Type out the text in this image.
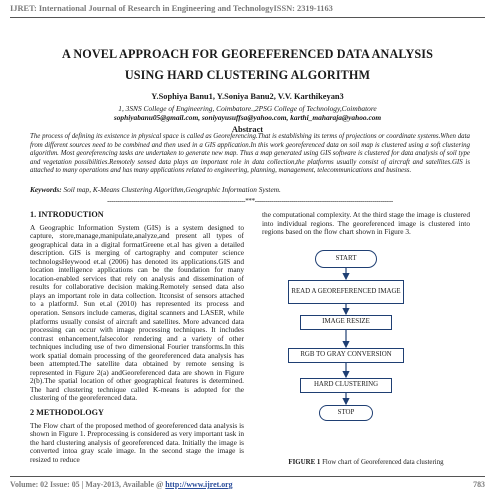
IJRET: International Journal of Research in Engineering and TechnologyISSN: 2319-1163
A NOVEL APPROACH FOR GEOREFERENCED DATA ANALYSIS
USING HARD CLUSTERING ALGORITHM
Y.Sophiya Banu1, Y.Soniya Banu2, V.V. Karthikeyan3
1, 3SNS College of Engineering, Coimbatore.,2PSG College of Technology,Coimbatore
sophiyabanu05@gmail.com, soniyayusuffsa@yahoo.com, karthi_maharaja@yahoo.com
Abstract
The process of defining its existence in physical space is called as Georeferencing.That is establishing its terms of projections or coordinate systems.When data from different sources need to be combined and then used in a GIS application.In this work georeferenced data on soil map is clustered using a soft clustering algorithm. Most georeferencing tasks are undertaken to generate new map. Thus a map generated using GIS software is clustered for data analysis of soil type and vegetation possibilities.Remotely sensed data plays an important role in data collection,the platforms usually consist of aircraft and satellites.GIS is attached to many operations and has many applications related to engineering, planning, management, telecommunications and business.
Keywords: Soil map, K-Means Clustering Algorithm,Geographic Information System.
--------------------------------------------------------------------***--------------------------------------------------------------------
1. INTRODUCTION
A Geographic Information System (GIS) is a system designed to capture, store,manage,manipulate,analyze,and present all types of geographical data in a digital formatGreene et.al has given a detailed description. GIS is merging of cartography and computer science technologsHeywood et.al (2006) has denoted its applications.GIS and location intelligence applications can be the foundation for many location-enabled services that rely on analysis and dissemination of results for collaborative decision making.Remotely sensed data also plays an important role in data collection. Itconsist of sensors attached to a platformJ. Sun et.al (2010) has represented its process and operation. Sensors include cameras, digital scanners and LASER, while platforms usually consist of aircraft and satellites. More advanced data processing can occur with image processing techniques. It includes contrast enhancement,falsecolor rendering and a variety of other techniques including use of two dimensional Fourier transforms.In this work spatial domain processing of the georeferenced data analysis has been attempted.The satellite data obtained by remote sensing is represented in Figure 2(a) andGeoreferenced data are shown in Figure 2(b).The spatial location of other geographical features is determined. The hard clustering technique called K-means is adopted for the clustering of the georeferenced data.
2 METHODOLOGY
The Flow chart of the proposed method of georeferenced data analysis is shown in Figure 1. Preprocessing is considered as very important task in the hard clustering analysis of georeferenced data. Initially the image is converted intoa gray scale image. In the second stage the image is resized to reduce
the computational complexity. At the third stage the image is clustered into individual regions. The georeferenced image is clustered into regions based on the flow chart shown in Figure 3.
START
READ A GEOREFERENCED IMAGE
IMAGE RESIZE
RGB TO GRAY CONVERSION
HARD CLUSTERING
STOP
FIGURE 1 Flow chart of Georeferenced data clustering
Volume: 02 Issue: 05 | May-2013, Available @ http://www.ijret.org	783
